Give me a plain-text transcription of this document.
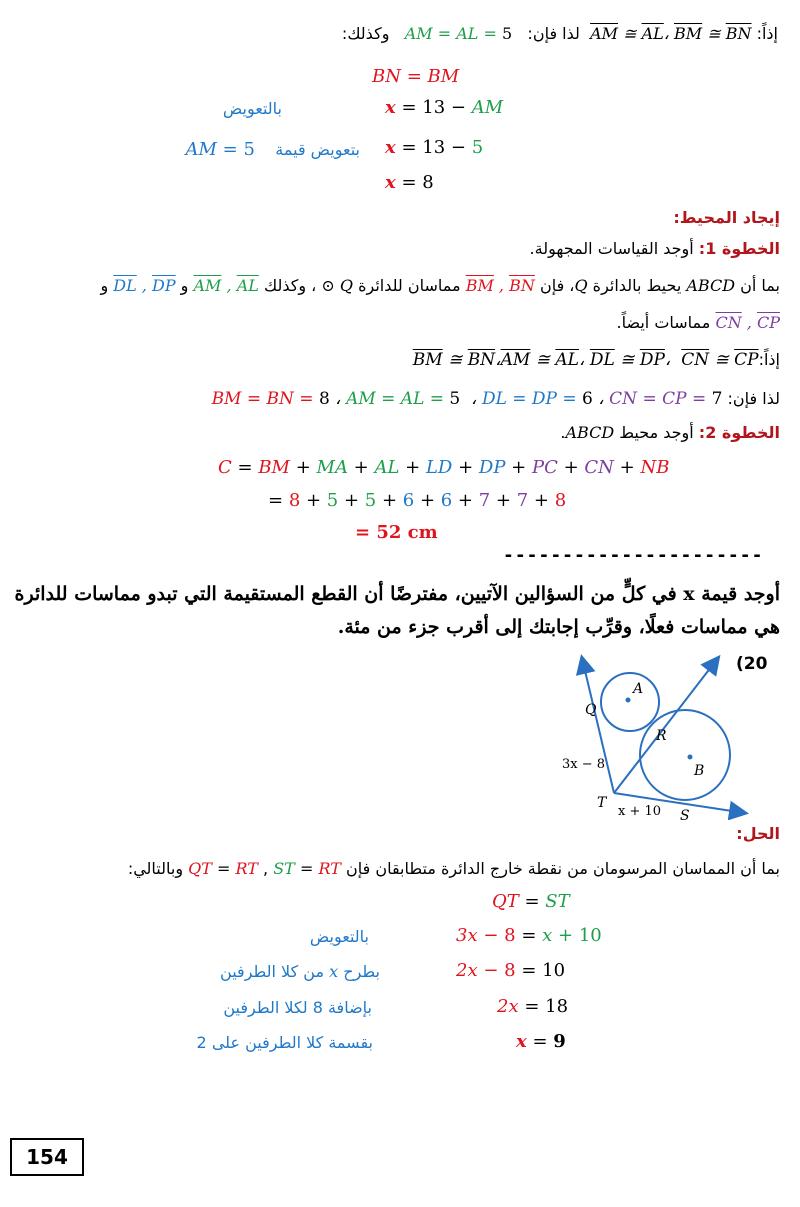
إذاً: $\overline{AM}$ ≅ $\overline{AL}،$ $\overline{BM}$ ≅ $\overline{BN}$  لذا فإن:   AM = AL = 5   وكذلك:
BN = BM
x = 13 − AM
بالتعويض
x = 13 − 5
بتعويض قيمة    AM = 5
x = 8
إيجاد المحيط:
الخطوة 1: أوجد القياسات المجهولة.
بما أن ABCD يحيط بالدائرة Q، فإن $\overline{BM}$ , $\overline{BN}$ مماسان للدائرة ⊙ Q ، وكذلك $\overline{AM}$ , $\overline{AL}$ و $\overline{DL}$ , $\overline{DP}$ و
$\overline{CN}$ , $\overline{CP}$ مماسات أيضاً.
$إذاً:\overline{BM}$ ≅ $\overline{BN}،\overline{AM}$ ≅ $\overline{AL}،$ $\overline{DL}$ ≅ $\overline{DP}،$  $\overline{CN}$ ≅ $\overline{CP}$
لذا فإن: BM = BN = 8 ، AM = AL = 5  ، DL = DP = 6 ، CN = CP = 7
الخطوة 2: أوجد محيط ABCD.
C = BM + MA + AL + LD + DP + PC + CN + NB
= 8 + 5 + 5 + 6 + 6 + 7 + 7 + 8
= 52 cm
----------------------
أوجد قيمة x في كلٍّ من السؤالين الآتيين، مفترضًا أن القطع المستقيمة التي تبدو مماسات للدائرة هي مماسات فعلًا، وقرِّب إجابتك إلى أقرب جزء من مئة.
(20
A
B
Q
R
T
S
3x − 8
x + 10
الحل:
بما أن المماسان المرسومان من نقطة خارج الدائرة متطابقان فإن ST = RT , QT = RT وبالتالي:
QT = ST
3x − 8 = x + 10
بالتعويض
2x − 8 = 10
بطرح x من كلا الطرفين
2x = 18
بإضافة 8 لكلا الطرفين
x = 9
بقسمة كلا الطرفين على 2
154
